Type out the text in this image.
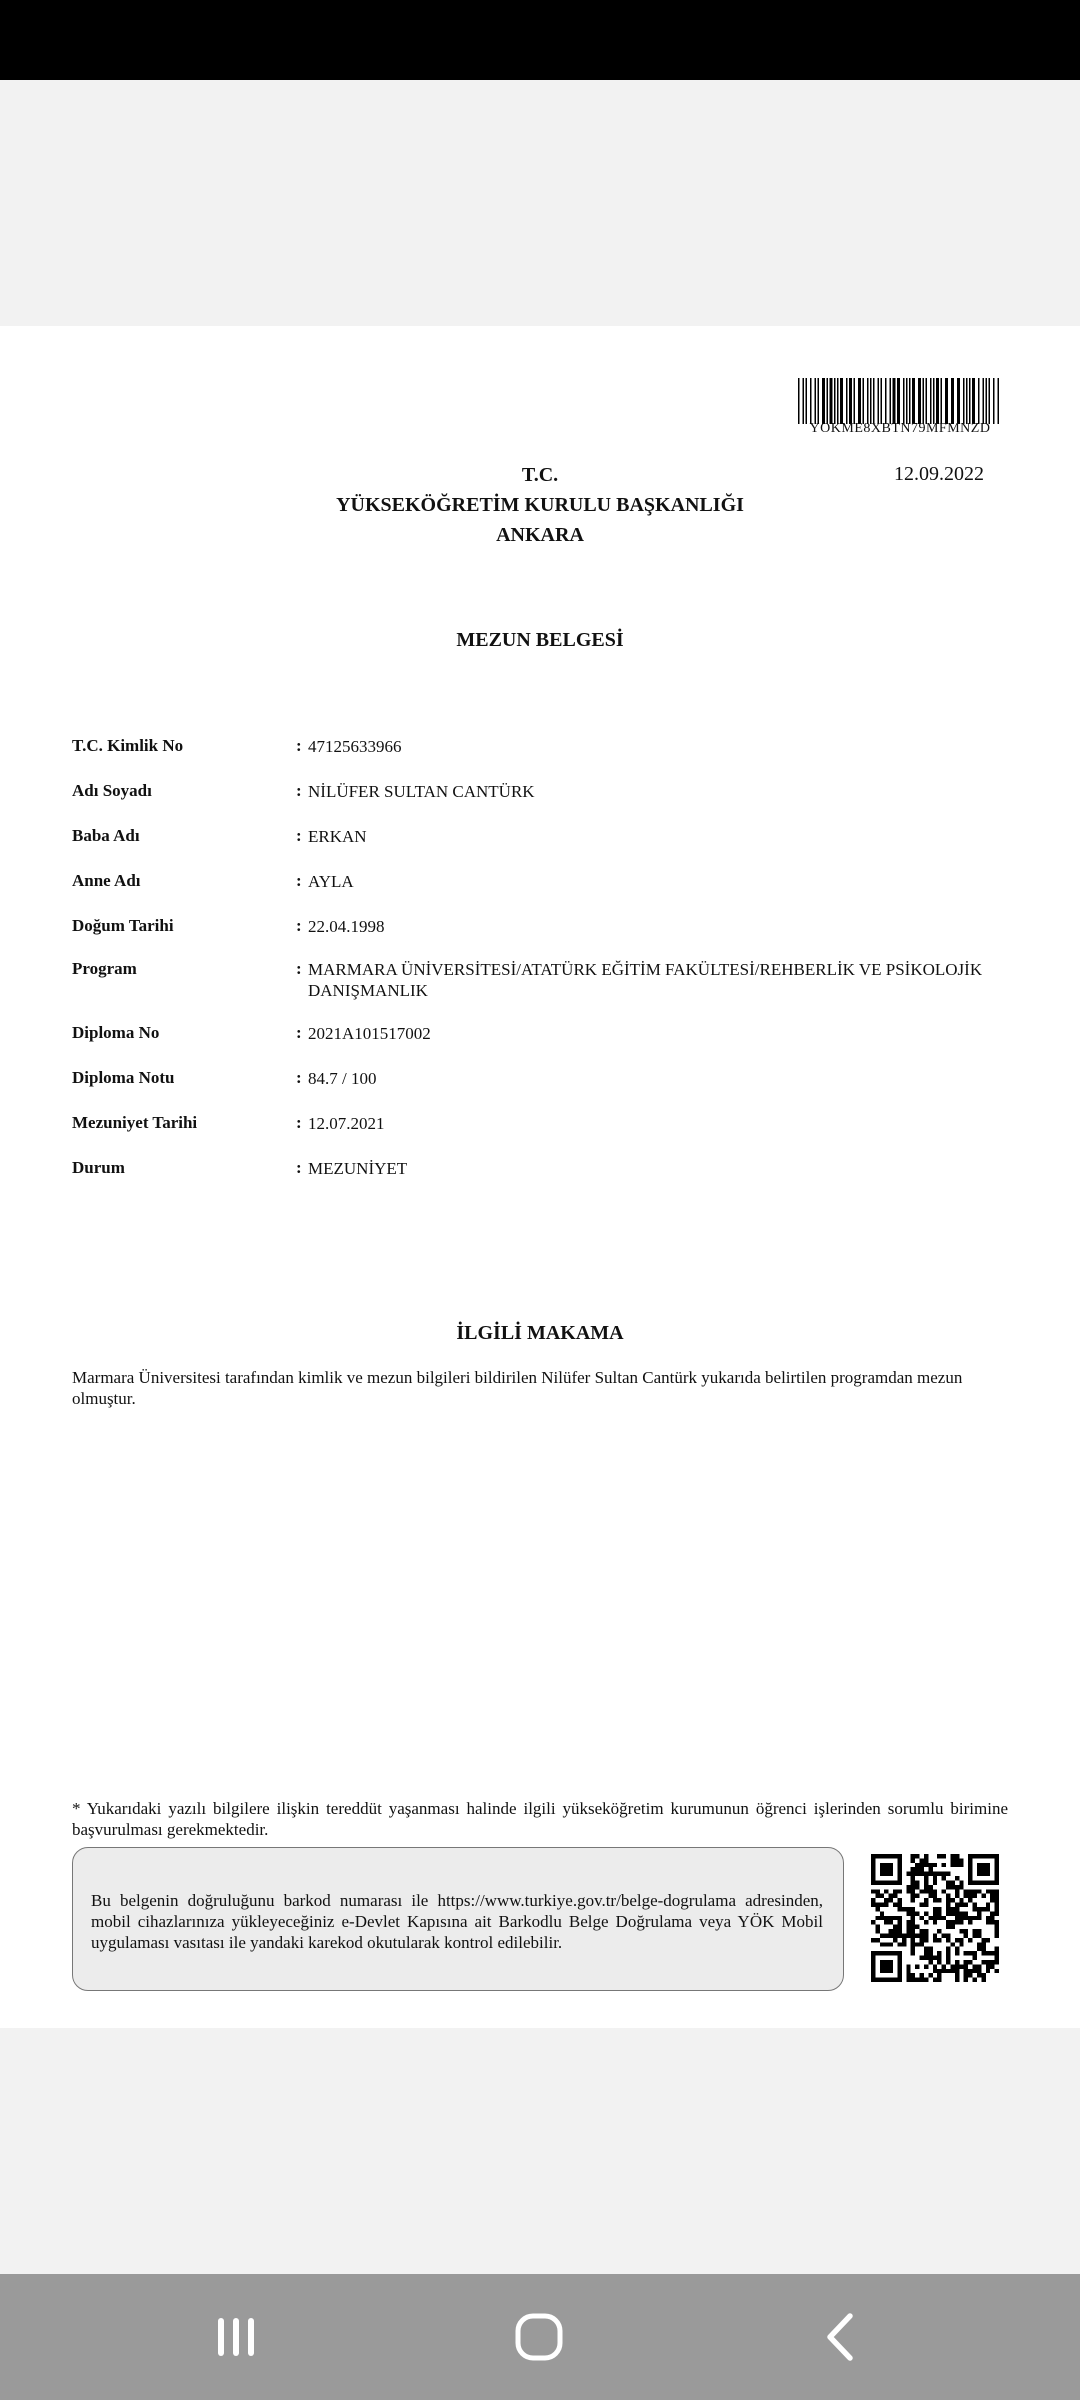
YOKME8XBTN79MFMNZD
12.09.2022
T.C.
YÜKSEKÖĞRETİM KURULU BAŞKANLIĞI
ANKARA
MEZUN BELGESİ
T.C. Kimlik No	: 47125633966
Adı Soyadı	: NİLÜFER SULTAN CANTÜRK
Baba Adı	: ERKAN
Anne Adı	: AYLA
Doğum Tarihi	: 22.04.1998
Program	: MARMARA ÜNİVERSİTESİ/ATATÜRK EĞİTİM FAKÜLTESİ/REHBERLİK VE PSİKOLOJİK DANIŞMANLIK
Diploma No	: 2021A101517002
Diploma Notu	: 84.7 / 100
Mezuniyet Tarihi	: 12.07.2021
Durum	: MEZUNİYET
İLGİLİ MAKAMA
Marmara Üniversitesi tarafından kimlik ve mezun bilgileri bildirilen Nilüfer Sultan Cantürk yukarıda belirtilen programdan mezun olmuştur.
* Yukarıdaki yazılı bilgilere ilişkin tereddüt yaşanması halinde ilgili yükseköğretim kurumunun öğrenci işlerinden sorumlu birimine başvurulması gerekmektedir.
Bu belgenin doğruluğunu barkod numarası ile https://www.turkiye.gov.tr/belge-dogrulama adresinden, mobil cihazlarınıza yükleyeceğiniz e-Devlet Kapısına ait Barkodlu Belge Doğrulama veya YÖK Mobil uygulaması vasıtası ile yandaki karekod okutularak kontrol edilebilir.
